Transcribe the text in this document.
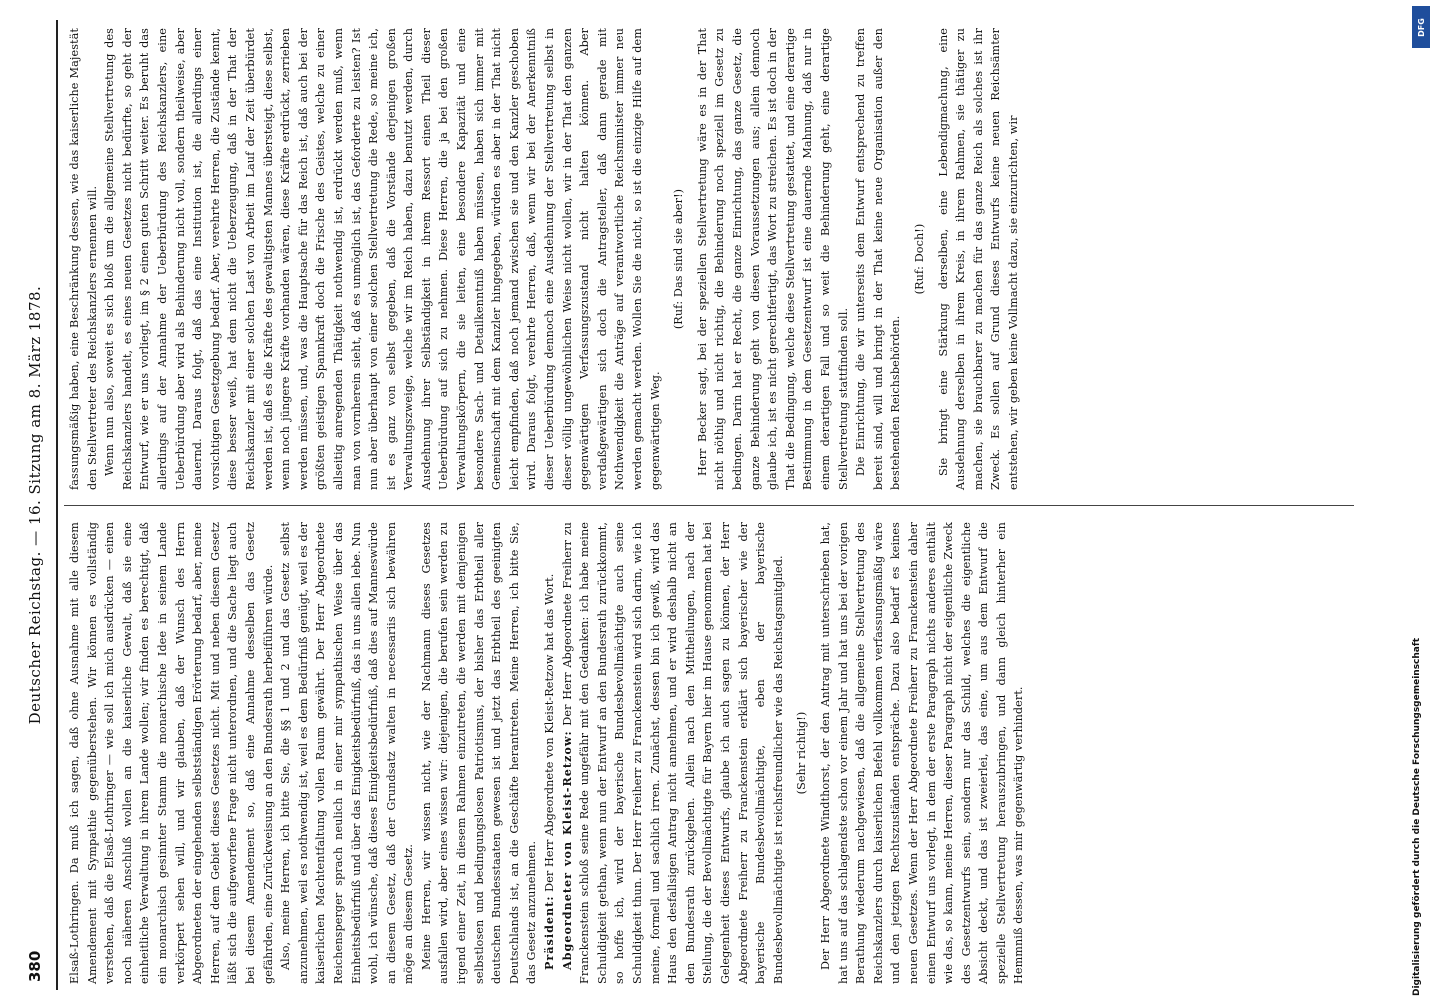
380
Deutscher Reichstag. — 16. Sitzung am 8. März 1878.

Elsaß-Lothringen. Da muß ich sagen, daß ohne Ausnahme mit alle diesem Amendement mit Sympathie gegenüberstehen. Wir können es vollständig verstehen, daß die Elsaß-Lothringer — wie soll ich mich ausdrücken — einen noch näheren Anschluß wollen an die kaiserliche Gewalt, daß sie eine einheitliche Verwaltung in ihrem Lande wollen; wir finden es berechtigt, daß ein monarchisch gesinnter Stamm die monarchische Idee in seinem Lande verkörpert sehen will, und wir glauben, daß der Wunsch des Herrn Abgeordneten der eingehenden selbstständigen Erörterung bedarf, aber, meine Herren, auf dem Gebiet dieses Gesetzes nicht. Mit und neben diesem Gesetz läßt sich die aufgeworfene Frage nicht unterordnen, und die Sache liegt auch bei diesem Amendement so, daß eine Annahme desselben das Gesetz gefährden, eine Zurückweisung an den Bundesrath herbeiführen würde. Also, meine Herren, ich bitte Sie, die §§ 1 und 2 und das Gesetz selbst anzunehmen, weil es nothwendig ist, weil es dem Bedürfniß genügt, weil es der kaiserlichen Machtentfaltung vollen Raum gewährt. Der Herr Abgeordnete Reichensperger sprach neulich in einer mir sympathischen Weise über das Einheitsbedürfniß und über das Einigkeitsbedürfniß, das in uns allen lebe. Nun wohl, ich wünsche, daß dieses Einigkeitsbedürfniß, daß dies auf Manneswürde an diesem Gesetz, daß der Grundsatz walten in necessariis sich bewähren möge an diesem Gesetz. Meine Herren, wir wissen nicht, wie der Nachmann dieses Gesetzes ausfallen wird, aber eines wissen wir: diejenigen, die berufen sein werden zu irgend einer Zeit, in diesem Rahmen einzutreten, die werden mit demjenigen selbstlosen und bedingungslosen Patriotismus, der bisher das Erbtheil aller deutschen Bundesstaaten gewesen ist und jetzt das Erbtheil des geeinigten Deutschlands ist, an die Geschäfte herantreten. Meine Herren, ich bitte Sie, das Gesetz anzunehmen. Präsident: Der Herr Abgeordnete von Kleist-Retzow hat das Wort. Abgeordneter von Kleist-Retzow: Der Herr Abgeordnete Freiherr zu Franckenstein schloß seine Rede ungefähr mit den Gedanken: ich habe meine Schuldigkeit gethan, wenn nun der Entwurf an den Bundesrath zurückkommt, so hoffe ich, wird der bayerische Bundesbevollmächtigte auch seine Schuldigkeit thun. Der Herr Freiherr zu Franckenstein wird sich darin, wie ich meine, formell und sachlich irren. Zunächst, dessen bin ich gewiß, wird das Haus den desfallsigen Antrag nicht annehmen, und er wird deshalb nicht an den Bundesrath zurückgehen. Allein nach den Mittheilungen, nach der Stellung, die der Bevollmächtigte für Bayern hier im Hause genommen hat bei Gelegenheit dieses Entwurfs, glaube ich auch sagen zu können, der Herr Abgeordnete Freiherr zu Franckenstein erklärt sich bayerischer wie der bayerische Bundesbevollmächtigte, eben der bayerische Bundesbevollmächtigte ist reichsfreundlicher wie das Reichstagsmitglied. (Sehr richtig!) Der Herr Abgeordnete Windthorst, der den Antrag mit unterschrieben hat, hat uns auf das schlagendste schon vor einem Jahr und hat uns bei der vorigen Berathung wiederum nachgewiesen, daß die allgemeine Stellvertretung des Reichskanzlers durch kaiserlichen Befehl vollkommen verfassungsmäßig wäre und den jetzigen Rechtszuständen entspräche. Dazu also bedarf es keines neuen Gesetzes. Wenn der Herr Abgeordnete Freiherr zu Franckenstein daher einen Entwurf uns vorlegt, in dem der erste Paragraph nichts anderes enthält wie das, so kann, meine Herren, dieser Paragraph nicht der eigentliche Zweck des Gesetzentwurfs sein, sondern nur das Schild, welches die eigentliche Absicht deckt, und das ist zweierlei, das eine, um aus dem Entwurf die spezielle Stellvertretung herauszubringen, und dann gleich hinterher ein Hemmniß dessen, was mir gegenwärtig verhindert.

fassungsmäßig haben, eine Beschränkung dessen, wie das kaiserliche Majestät den Stellvertreter des Reichskanzlers ernennen will. Wenn nun also, soweit es sich bloß um die allgemeine Stellvertretung des Reichskanzlers handelt, es eines neuen Gesetzes nicht bedürfte, so geht der Entwurf, wie er uns vorliegt, im § 2 einen guten Schritt weiter. Es beruht das allerdings auf der Annahme der Ueberbürdung des Reichskanzlers, eine Ueberbürdung aber wird als Behinderung nicht voll, sondern theilweise, aber dauernd. Daraus folgt, daß das eine Institution ist, die allerdings einer vorsichtigen Gesetzgebung bedarf. Aber, verehrte Herren, die Zustände kennt, diese besser weiß, hat dem nicht die Ueberzeugung, daß in der That der Reichskanzler mit einer solchen Last von Arbeit im Lauf der Zeit überbürdet werden ist, daß es die Kräfte des gewaltigsten Mannes übersteigt, diese selbst, wenn noch jüngere Kräfte vorhanden wären, diese Kräfte erdrückt, zerrieben werden müssen, und, was die Hauptsache für das Reich ist, daß auch bei der größten geistigen Spannkraft doch die Frische des Geistes, welche zu einer allseitig anregenden Thätigkeit nothwendig ist, erdrückt werden muß, wenn man von vornherein sieht, daß es unmöglich ist, das Geforderte zu leisten? Ist nun aber überhaupt von einer solchen Stellvertretung die Rede, so meine ich, ist es ganz von selbst gegeben, daß die Vorstände derjenigen großen Verwaltungszweige, welche wir im Reich haben, dazu benutzt werden, durch Ausdehnung ihrer Selbständigkeit in ihrem Ressort einen Theil dieser Ueberbürdung auf sich zu nehmen. Diese Herren, die ja bei den großen Verwaltungskörpern, die sie leiten, eine besondere Kapazität und eine besondere Sach- und Detailkenntniß haben müssen, haben sich immer mit Gemeinschaft mit dem Kanzler hingegeben, würden es aber in der That nicht leicht empfinden, daß noch jemand zwischen sie und den Kanzler geschoben wird. Daraus folgt, verehrte Herren, daß, wenn wir bei der Anerkenntniß dieser Ueberbürdung dennoch eine Ausdehnung der Stellvertretung selbst in dieser völlig ungewöhnlichen Weise nicht wollen, wir in der That den ganzen gegenwärtigen Verfassungszustand nicht halten können. Aber verdaßgewärtigen sich doch die Antragsteller, daß dann gerade mit Nothwendigkeit die Anträge auf verantwortliche Reichsminister immer neu werden gemacht werden. Wollen Sie die nicht, so ist die einzige Hilfe auf dem gegenwärtigen Weg.

(Ruf: Das sind sie aber!) Herr Becker sagt, bei der speziellen Stellvertretung wäre es in der That nicht nöthig und nicht richtig, die Behinderung noch speziell im Gesetz zu bedingen. Darin hat er Recht, die ganze Einrichtung, das ganze Gesetz, die ganze Behinderung geht von diesen Voraussetzungen aus; allein dennoch glaube ich, ist es nicht gerechtfertigt, das Wort zu streichen. Es ist doch in der That die Bedingung, welche diese Stellvertretung gestattet, und eine derartige Bestimmung in dem Gesetzentwurf ist eine dauernde Mahnung, daß nur in einem derartigen Fall und so weit die Behinderung geht, eine derartige Stellvertretung stattfinden soll. Die Einrichtung, die wir unterseits dem Entwurf entsprechend zu treffen bereit sind, will und bringt in der That keine neue Organisation außer den bestehenden Reichsbehörden.

(Ruf: Doch!) Sie bringt eine Stärkung derselben, eine Lebendigmachung, eine Ausdehnung derselben in ihrem Kreis, in ihrem Rahmen, sie thätiger zu machen, sie brauchbarer zu machen für das ganze Reich als solches ist ihr Zweck. Es sollen auf Grund dieses Entwurfs keine neuen Reichsämter entstehen, wir geben keine Vollmacht dazu, sie einzurichten, wir

Digitalisierung gefördert durch die Deutsche Forschungsgemeinschaft
DFG
